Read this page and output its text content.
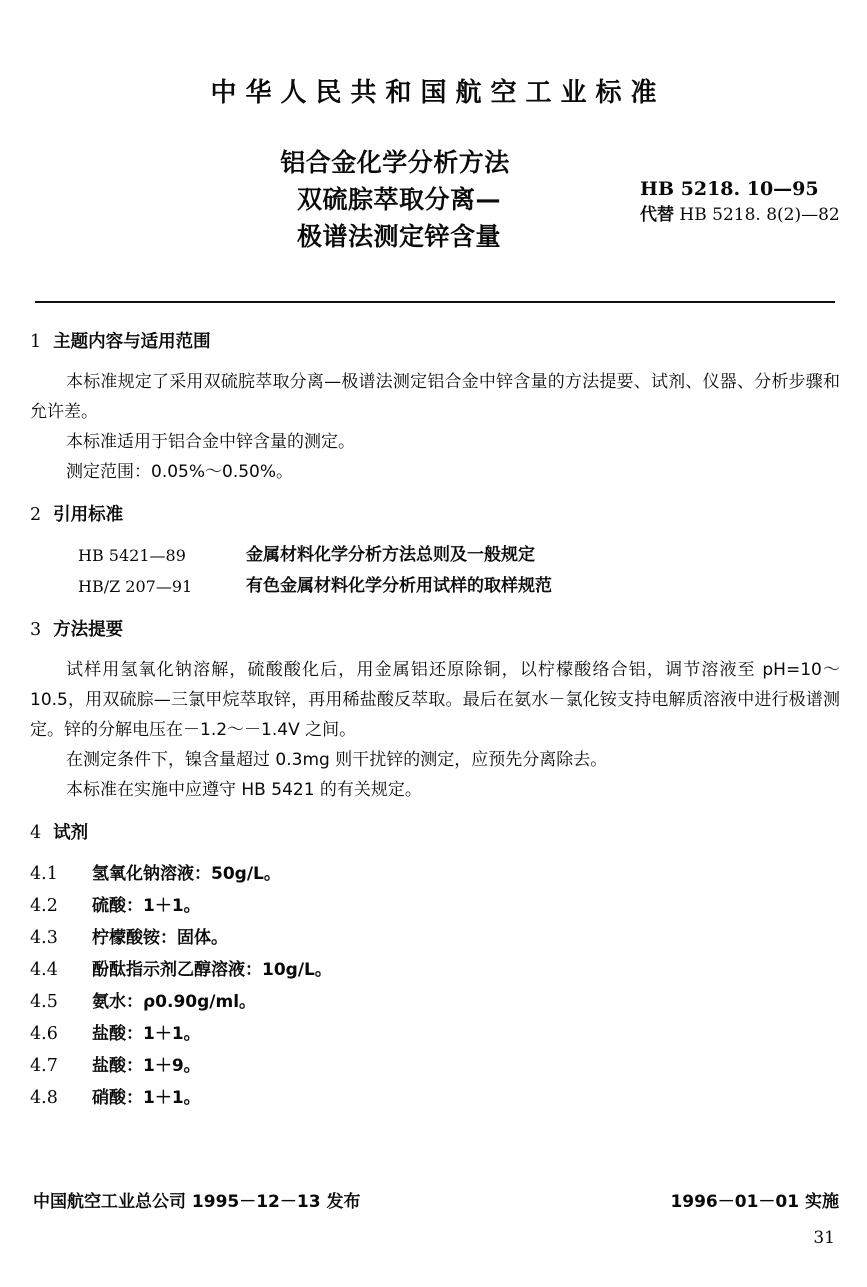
中华人民共和国航空工业标准
铝合金化学分析方法
双硫腙萃取分离—
极谱法测定锌含量
HB 5218. 10—95
代替 HB 5218. 8(2)—82
1 主题内容与适用范围

本标准规定了采用双硫脘萃取分离—极谱法测定铝合金中锌含量的方法提要、试剂、仪器、分析步骤和允许差。

本标准适用于铝合金中锌含量的测定。

测定范围：0.05%～0.50%。

2 引用标准
HB 5421—89	金属材料化学分析方法总则及一般规定
HB/Z 207—91	有色金属材料化学分析用试样的取样规范
3 方法提要

试样用氢氧化钠溶解，硫酸酸化后，用金属铝还原除铜，以柠檬酸络合铝，调节溶液至 pH=10～10.5，用双硫腙—三氯甲烷萃取锌，再用稀盐酸反萃取。最后在氨水－氯化铵支持电解质溶液中进行极谱测定。锌的分解电压在－1.2～－1.4V 之间。

在测定条件下，镍含量超过 0.3mg 则干扰锌的测定，应预先分离除去。

本标准在实施中应遵守 HB 5421 的有关规定。

4 试剂
4.1	氢氧化钠溶液：50g/L。
4.2	硫酸：1＋1。
4.3	柠檬酸铵：固体。
4.4	酚酞指示剂乙醇溶液：10g/L。
4.5	氨水：ρ0.90g/ml。
4.6	盐酸：1＋1。
4.7	盐酸：1＋9。
4.8	硝酸：1＋1。
中国航空工业总公司 1995－12－13 发布	1996－01－01 实施
31
